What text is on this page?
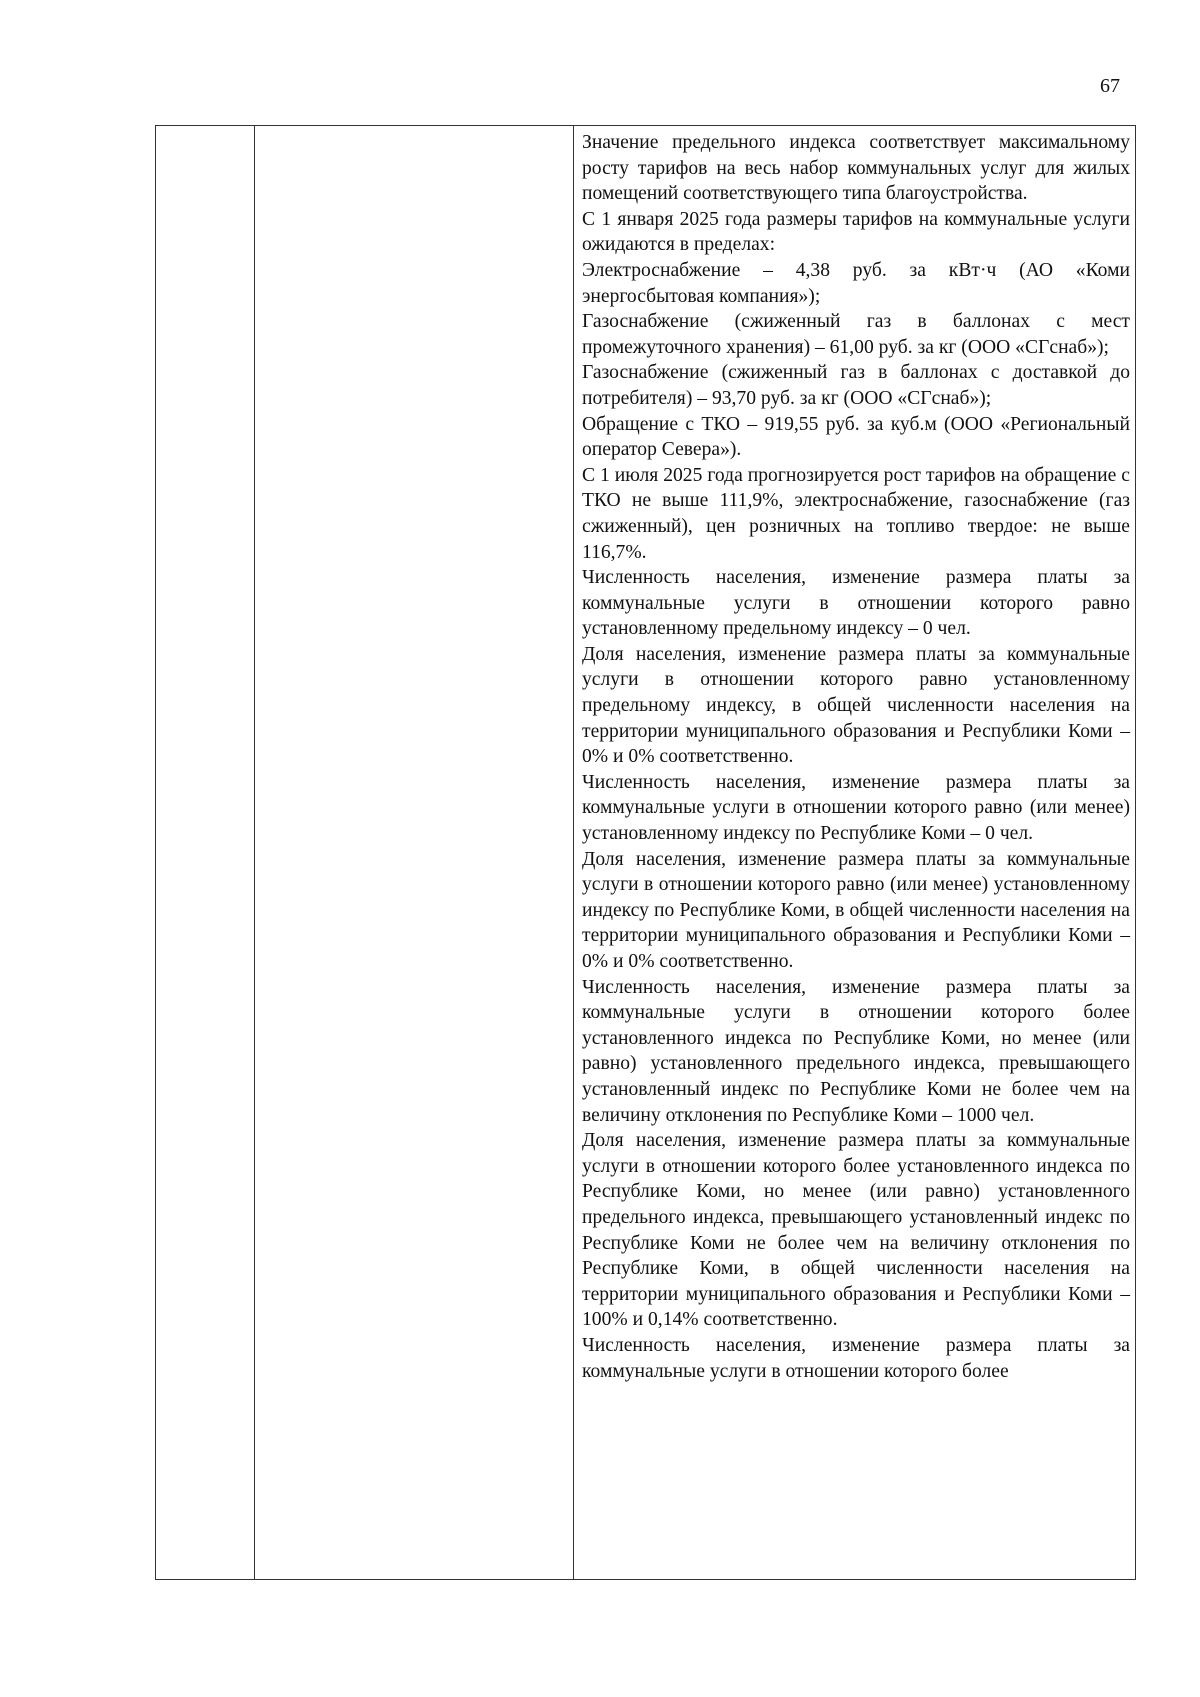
67

Значение предельного индекса соответствует максимальному росту тарифов на весь набор коммунальных услуг для жилых помещений соответствующего типа благоустройства.

С 1 января 2025 года размеры тарифов на коммунальные услуги ожидаются в пределах:

Электроснабжение – 4,38 руб. за кВт·ч (АО «Коми энергосбытовая компания»);

Газоснабжение (сжиженный газ в баллонах с мест промежуточного хранения) – 61,00 руб. за кг (ООО «СГснаб»);

Газоснабжение (сжиженный газ в баллонах с доставкой до потребителя) – 93,70 руб. за кг (ООО «СГснаб»);

Обращение с ТКО – 919,55 руб. за куб.м (ООО «Региональный оператор Севера»).

С 1 июля 2025 года прогнозируется рост тарифов на обращение с ТКО не выше 111,9%, электроснабжение, газоснабжение (газ сжиженный), цен розничных на топливо твердое: не выше 116,7%.

Численность населения, изменение размера платы за коммунальные услуги в отношении которого равно установленному предельному индексу – 0 чел.

Доля населения, изменение размера платы за коммунальные услуги в отношении которого равно установленному предельному индексу, в общей численности населения на территории муниципального образования и Республики Коми – 0% и 0% соответственно.

Численность населения, изменение размера платы за коммунальные услуги в отношении которого равно (или менее) установленному индексу по Республике Коми – 0 чел.

Доля населения, изменение размера платы за коммунальные услуги в отношении которого равно (или менее) установленному индексу по Республике Коми, в общей численности населения на территории муниципального образования и Республики Коми – 0% и 0% соответственно.

Численность населения, изменение размера платы за коммунальные услуги в отношении которого более установленного индекса по Республике Коми, но менее (или равно) установленного предельного индекса, превышающего установленный индекс по Республике Коми не более чем на величину отклонения по Республике Коми – 1000 чел.

Доля населения, изменение размера платы за коммунальные услуги в отношении которого более установленного индекса по Республике Коми, но менее (или равно) установленного предельного индекса, превышающего установленный индекс по Республике Коми не более чем на величину отклонения по Республике Коми, в общей численности населения на территории муниципального образования и Республики Коми – 100% и 0,14% соответственно.

Численность населения, изменение размера платы за коммунальные услуги в отношении которого более
